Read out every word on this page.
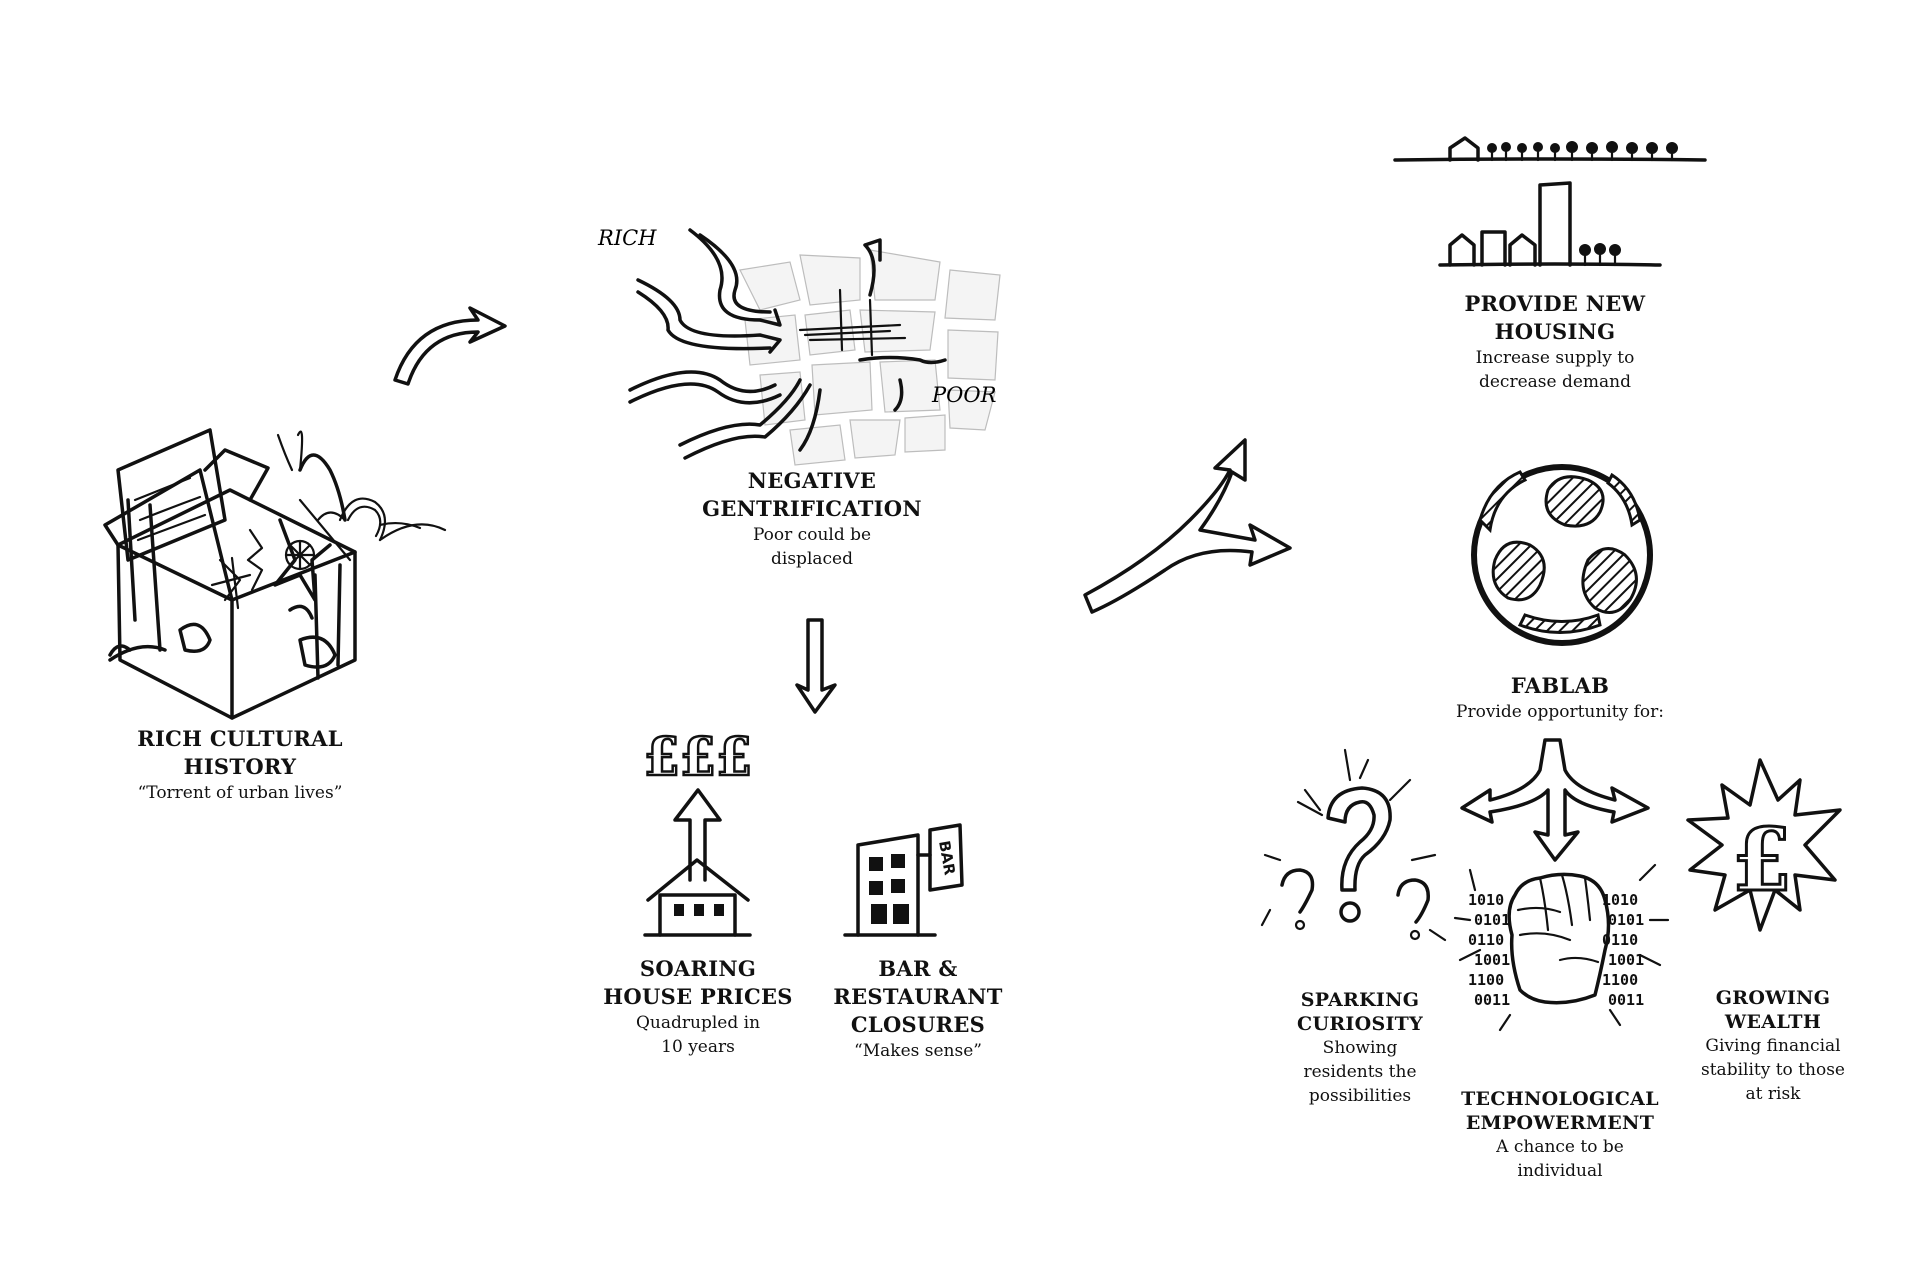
RICH
POOR
£££
BAR
1010
0101
0110
1001
1100
0011
1010
0101
0110
1001
1100
0011
£
RICH CULTURAL HISTORY
“Torrent of urban lives”
NEGATIVE GENTRIFICATION
Poor could be displaced
SOARING HOUSE PRICES
Quadrupled in 10 years
BAR & RESTAURANT CLOSURES
“Makes sense”
PROVIDE NEW HOUSING
Increase supply to decrease demand
FABLAB
Provide opportunity for:
SPARKING CURIOSITY
Showing residents the possibilities	TECHNOLOGICAL EMPOWERMENT
A chance to be individual
GROWING WEALTH
Giving financial stability to those at risk
